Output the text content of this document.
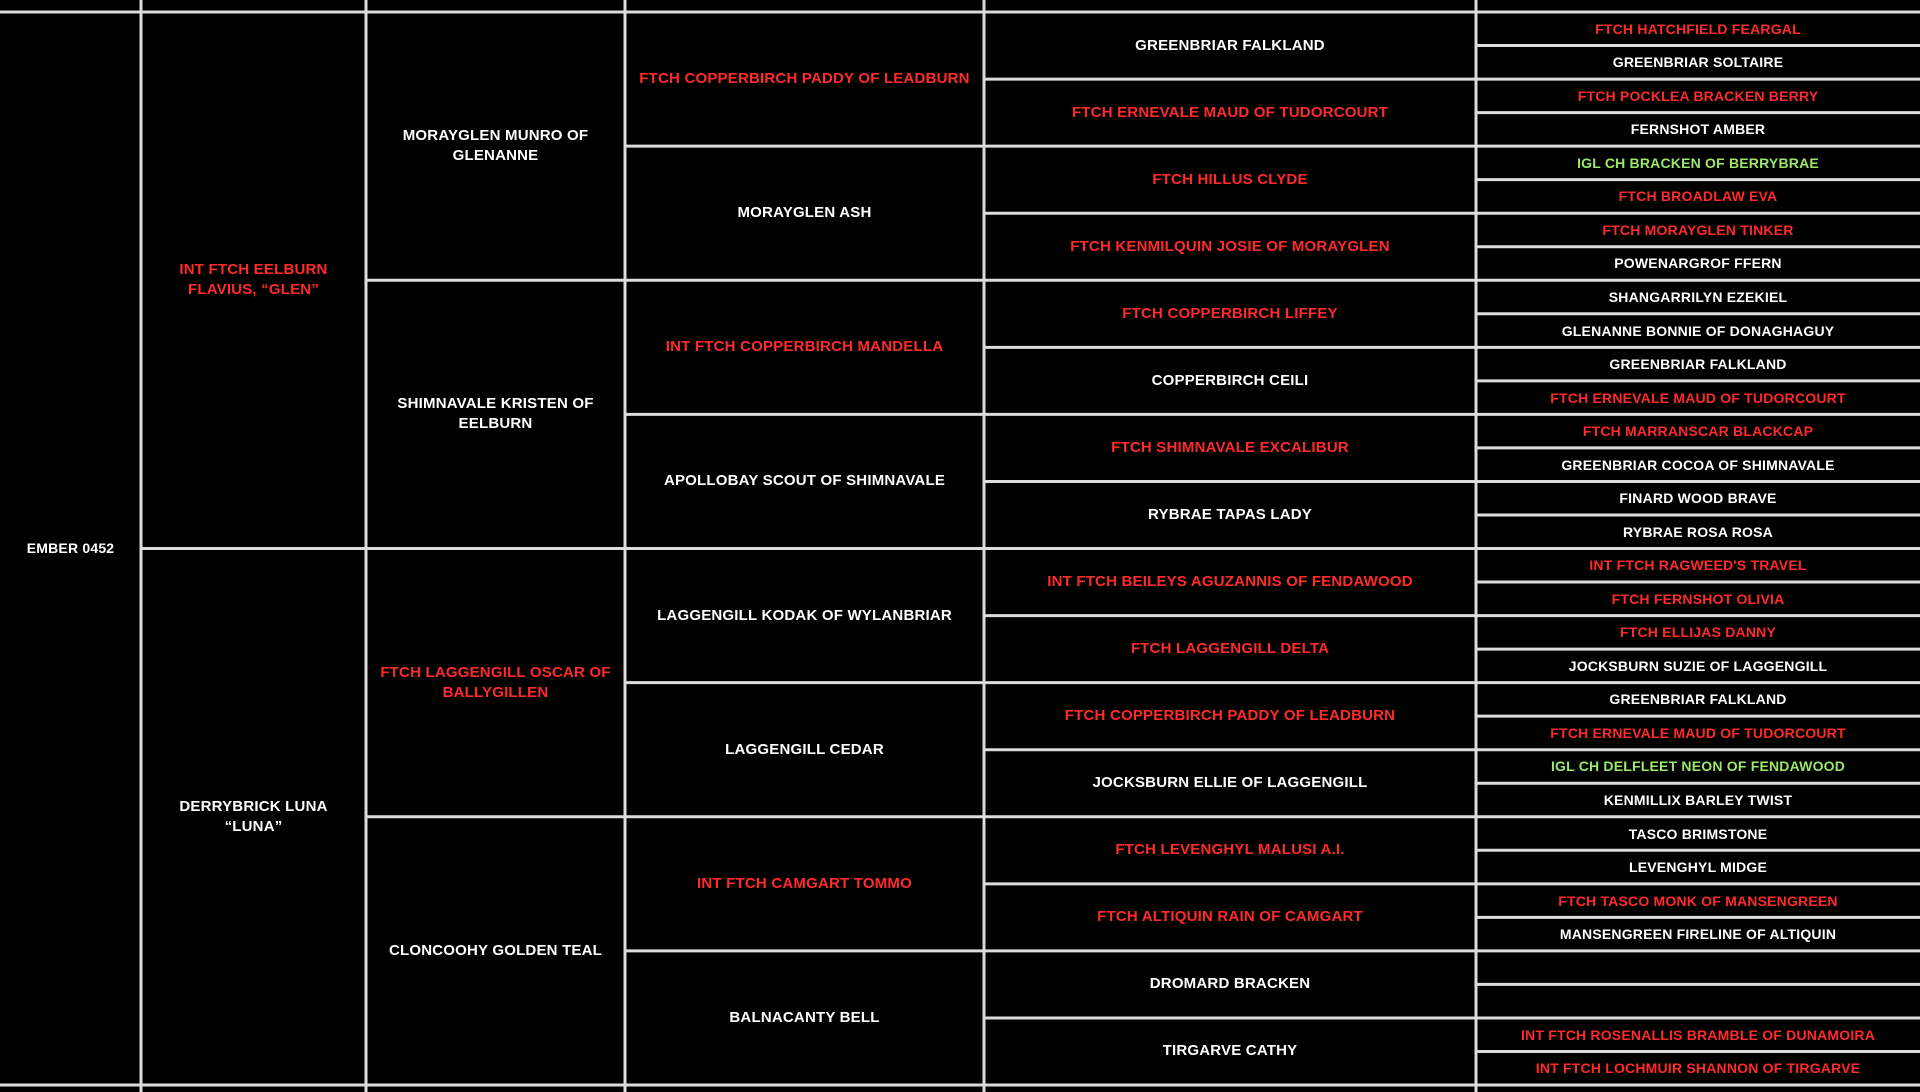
EMBER 0452
INT FTCH EELBURN FLAVIUS, “GLEN”
DERRYBRICK LUNA “LUNA”
MORAYGLEN MUNRO OF GLENANNE
SHIMNAVALE KRISTEN OF EELBURN
FTCH LAGGENGILL OSCAR OF BALLYGILLEN
CLONCOOHY GOLDEN TEAL
FTCH COPPERBIRCH PADDY OF LEADBURN
MORAYGLEN ASH
INT FTCH COPPERBIRCH MANDELLA
APOLLOBAY SCOUT OF SHIMNAVALE
LAGGENGILL KODAK OF WYLANBRIAR
LAGGENGILL CEDAR
INT FTCH CAMGART TOMMO
BALNACANTY BELL
GREENBRIAR FALKLAND
FTCH ERNEVALE MAUD OF TUDORCOURT
FTCH HILLUS CLYDE
FTCH KENMILQUIN JOSIE OF MORAYGLEN
FTCH COPPERBIRCH LIFFEY
COPPERBIRCH CEILI
FTCH SHIMNAVALE EXCALIBUR
RYBRAE TAPAS LADY
INT FTCH BEILEYS AGUZANNIS OF FENDAWOOD
FTCH LAGGENGILL DELTA
FTCH COPPERBIRCH PADDY OF LEADBURN
JOCKSBURN ELLIE OF LAGGENGILL
FTCH LEVENGHYL MALUSI A.I.
FTCH ALTIQUIN RAIN OF CAMGART
DROMARD BRACKEN
TIRGARVE CATHY
FTCH HATCHFIELD FEARGAL
GREENBRIAR SOLTAIRE
FTCH POCKLEA BRACKEN BERRY
FERNSHOT AMBER
IGL CH BRACKEN OF BERRYBRAE
FTCH BROADLAW EVA
FTCH MORAYGLEN TINKER
POWENARGROF FFERN
SHANGARRILYN EZEKIEL
GLENANNE BONNIE OF DONAGHAGUY
GREENBRIAR FALKLAND
FTCH ERNEVALE MAUD OF TUDORCOURT
FTCH MARRANSCAR BLACKCAP
GREENBRIAR COCOA OF SHIMNAVALE
FINARD WOOD BRAVE
RYBRAE ROSA ROSA
INT FTCH RAGWEED'S TRAVEL
FTCH FERNSHOT OLIVIA
FTCH ELLIJAS DANNY
JOCKSBURN SUZIE OF LAGGENGILL
GREENBRIAR FALKLAND
FTCH ERNEVALE MAUD OF TUDORCOURT
IGL CH DELFLEET NEON OF FENDAWOOD
KENMILLIX BARLEY TWIST
TASCO BRIMSTONE
LEVENGHYL MIDGE
FTCH TASCO MONK OF MANSENGREEN
MANSENGREEN FIRELINE OF ALTIQUIN
INT FTCH ROSENALLIS BRAMBLE OF DUNAMOIRA
INT FTCH LOCHMUIR SHANNON OF TIRGARVE
